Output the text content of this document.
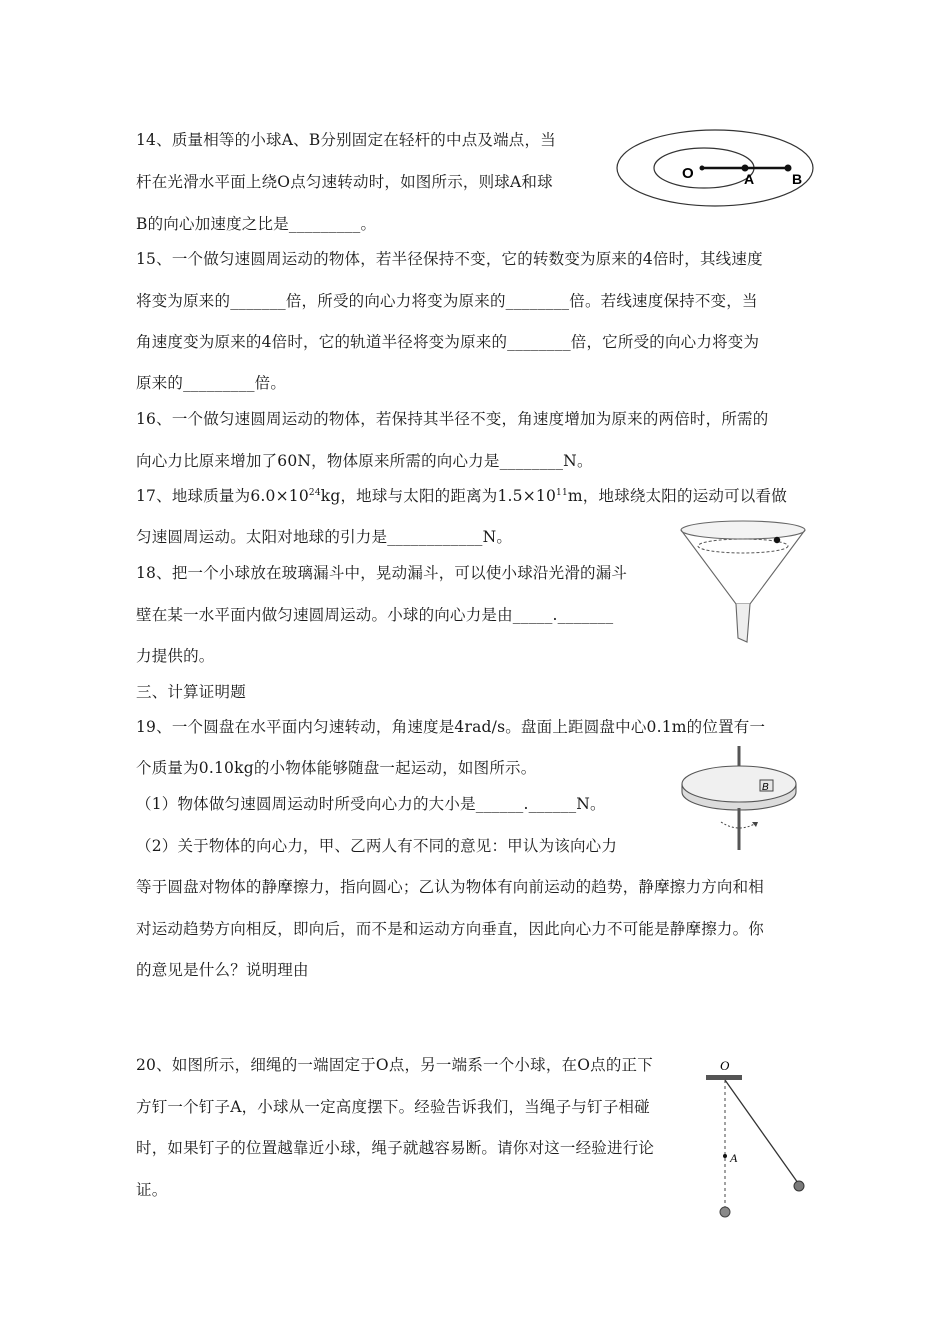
14、质量相等的小球A、B分别固定在轻杆的中点及端点，当
杆在光滑水平面上绕O点匀速转动时，如图所示，则球A和球
B的向心加速度之比是_________。
O	A	B
15、一个做匀速圆周运动的物体，若半径保持不变，它的转数变为原来的4倍时，其线速度
将变为原来的_______倍，所受的向心力将变为原来的________倍。若线速度保持不变，当
角速度变为原来的4倍时，它的轨道半径将变为原来的________倍，它所受的向心力将变为
原来的_________倍。
16、一个做匀速圆周运动的物体，若保持其半径不变，角速度增加为原来的两倍时，所需的
向心力比原来增加了60N，物体原来所需的向心力是________N。
17、地球质量为$6.0\times 10^{24}kg$，地球与太阳的距离为$1.5\times 10^{11}m$，地球绕太阳的运动可以看做
匀速圆周运动。太阳对地球的引力是____________N。
18、把一个小球放在玻璃漏斗中，晃动漏斗，可以使小球沿光滑的漏斗
壁在某一水平面内做匀速圆周运动。小球的向心力是由_____._______
力提供的。
三、计算证明题
19、一个圆盘在水平面内匀速转动，角速度是4rad/s。盘面上距圆盘中心0.1m的位置有一
个质量为0.10kg的小物体能够随盘一起运动，如图所示。
（1）物体做匀速圆周运动时所受向心力的大小是______.______N。
（2）关于物体的向心力，甲、乙两人有不同的意见：甲认为该向心力
等于圆盘对物体的静摩擦力，指向圆心；乙认为物体有向前运动的趋势，静摩擦力方向和相
对运动趋势方向相反，即向后，而不是和运动方向垂直，因此向心力不可能是静摩擦力。你
的意见是什么？说明理由
B
20、如图所示，细绳的一端固定于O点，另一端系一个小球，在O点的正下
方钉一个钉子A，小球从一定高度摆下。经验告诉我们，当绳子与钉子相碰
时，如果钉子的位置越靠近小球，绳子就越容易断。请你对这一经验进行论
证。
O
A
